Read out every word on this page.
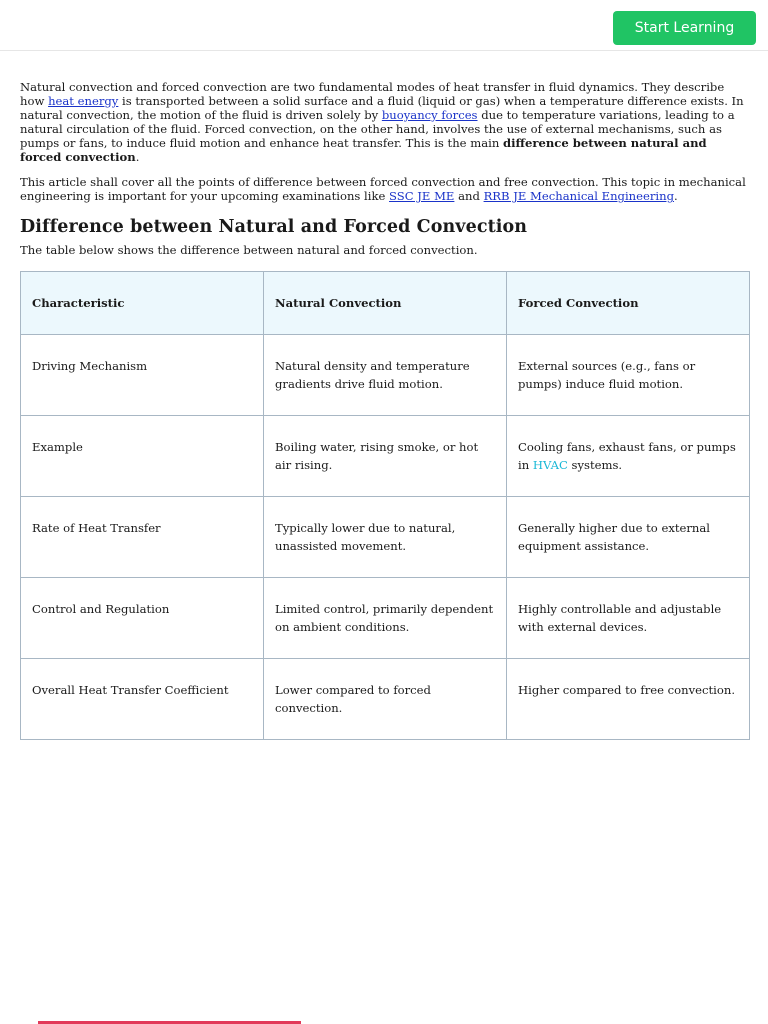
Start Learning

Natural convection and forced convection are two fundamental modes of heat transfer in fluid dynamics. They describe how heat energy is transported between a solid surface and a fluid (liquid or gas) when a temperature difference exists. In natural convection, the motion of the fluid is driven solely by buoyancy forces due to temperature variations, leading to a natural circulation of the fluid. Forced convection, on the other hand, involves the use of external mechanisms, such as pumps or fans, to induce fluid motion and enhance heat transfer. This is the main difference between natural and forced convection.

This article shall cover all the points of difference between forced convection and free convection. This topic in mechanical engineering is important for your upcoming examinations like SSC JE ME and RRB JE Mechanical Engineering.

Difference between Natural and Forced Convection

The table below shows the difference between natural and forced convection.

Characteristic	Natural Convection	Forced Convection
Driving Mechanism	Natural density and temperature gradients drive fluid motion.	External sources (e.g., fans or pumps) induce fluid motion.
Example	Boiling water, rising smoke, or hot air rising.	Cooling fans, exhaust fans, or pumps in HVAC systems.
Rate of Heat Transfer	Typically lower due to natural, unassisted movement.	Generally higher due to external equipment assistance.
Control and Regulation	Limited control, primarily dependent on ambient conditions.	Highly controllable and adjustable with external devices.
Overall Heat Transfer Coefficient	Lower compared to forced convection.	Higher compared to free convection.
